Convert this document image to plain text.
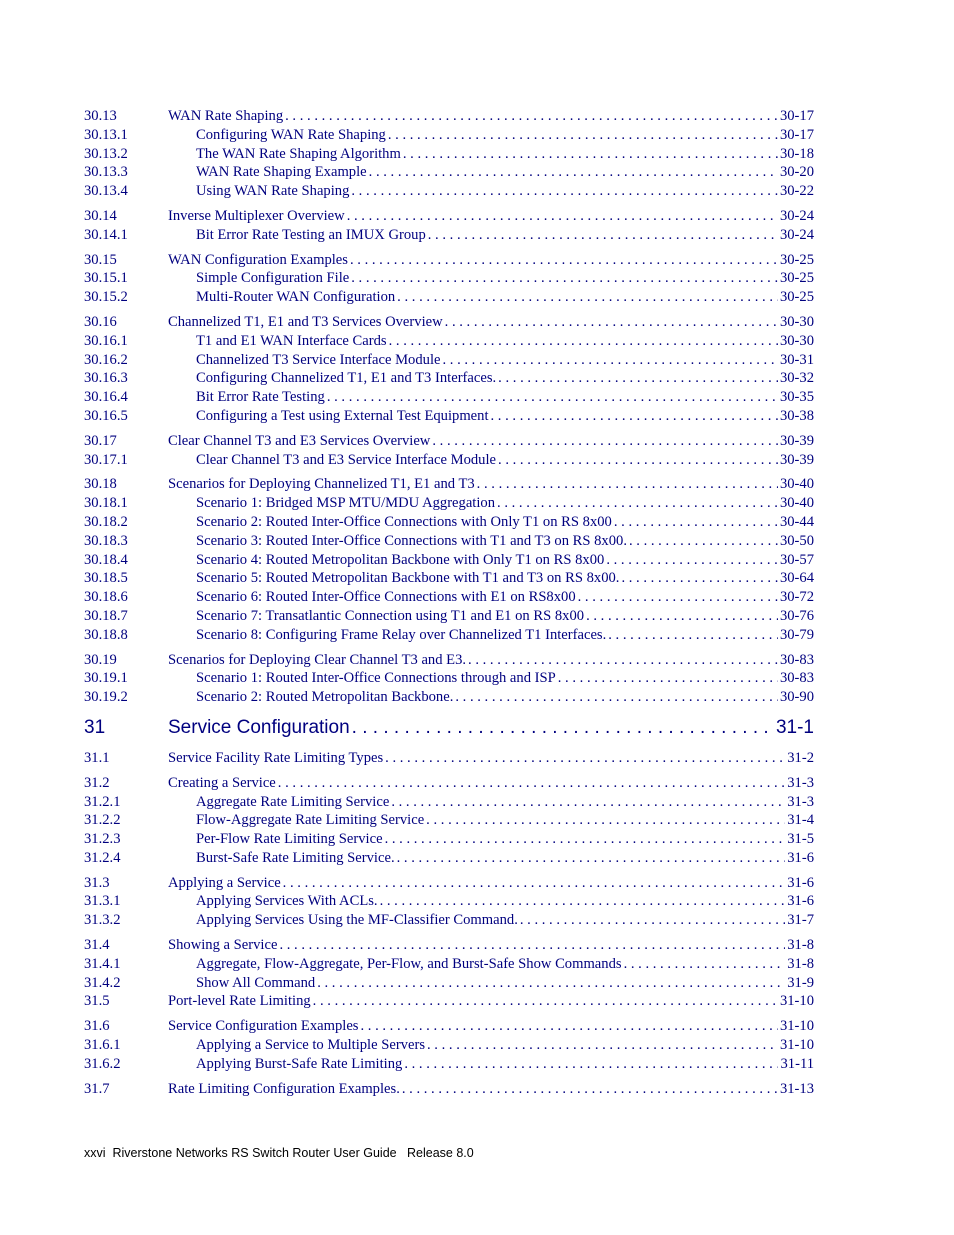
30.13	WAN Rate Shaping . . .	30-17
30.13.1	Configuring WAN Rate Shaping . . .	30-17
30.13.2	The WAN Rate Shaping Algorithm . . .	30-18
30.13.3	WAN Rate Shaping Example . . .	30-20
30.13.4	Using WAN Rate Shaping . . .	30-22
30.14	Inverse Multiplexer Overview . . .	30-24
30.14.1	Bit Error Rate Testing an IMUX Group . . .	30-24
30.15	WAN Configuration Examples . . .	30-25
30.15.1	Simple Configuration File . . .	30-25
30.15.2	Multi-Router WAN Configuration . . .	30-25
30.16	Channelized T1, E1 and T3 Services Overview . . .	30-30
30.16.1	T1 and E1 WAN Interface Cards . . .	30-30
30.16.2	Channelized T3 Service Interface Module . . .	30-31
30.16.3	Configuring Channelized T1, E1 and T3 Interfaces. . . .	30-32
30.16.4	Bit Error Rate Testing . . .	30-35
30.16.5	Configuring a Test using External Test Equipment . . .	30-38
30.17	Clear Channel T3 and E3 Services Overview . . .	30-39
30.17.1	Clear Channel T3 and E3 Service Interface Module . . .	30-39
30.18	Scenarios for Deploying Channelized T1, E1 and T3 . . .	30-40
30.18.1	Scenario 1: Bridged MSP MTU/MDU Aggregation . . .	30-40
30.18.2	Scenario 2: Routed Inter-Office Connections with Only T1 on RS 8x00 . . .	30-44
30.18.3	Scenario 3: Routed Inter-Office Connections with T1 and T3 on RS 8x00. . . .	30-50
30.18.4	Scenario 4: Routed Metropolitan Backbone with Only T1 on RS 8x00 . . .	30-57
30.18.5	Scenario 5: Routed Metropolitan Backbone with T1 and T3 on RS 8x00. . . .	30-64
30.18.6	Scenario 6: Routed Inter-Office Connections with E1 on RS8x00 . . .	30-72
30.18.7	Scenario 7: Transatlantic Connection using T1 and E1 on RS 8x00 . . .	30-76
30.18.8	Scenario 8: Configuring Frame Relay over Channelized T1 Interfaces. . . .	30-79
30.19	Scenarios for Deploying Clear Channel T3 and E3. . . .	30-83
30.19.1	Scenario 1: Routed Inter-Office Connections through and ISP . . .	30-83
30.19.2	Scenario 2: Routed Metropolitan Backbone. . . .	30-90
31	Service Configuration . . .	31-1
31.1	Service Facility Rate Limiting Types . . .	31-2
31.2	Creating a Service . . .	31-3
31.2.1	Aggregate Rate Limiting Service . . .	31-3
31.2.2	Flow-Aggregate Rate Limiting Service . . .	31-4
31.2.3	Per-Flow Rate Limiting Service . . .	31-5
31.2.4	Burst-Safe Rate Limiting Service. . . .	31-6
31.3	Applying a Service . . .	31-6
31.3.1	Applying Services With ACLs. . . .	31-6
31.3.2	Applying Services Using the MF-Classifier Command. . . .	31-7
31.4	Showing a Service . . .	31-8
31.4.1	Aggregate, Flow-Aggregate, Per-Flow, and Burst-Safe Show Commands . . .	31-8
31.4.2	Show All Command . . .	31-9
31.5	Port-level Rate Limiting . . .	31-10
31.6	Service Configuration Examples . . .	31-10
31.6.1	Applying a Service to Multiple Servers . . .	31-10
31.6.2	Applying Burst-Safe Rate Limiting . . .	31-11
31.7	Rate Limiting Configuration Examples. . . .	31-13
xxvi  Riverstone Networks RS Switch Router User Guide   Release 8.0
